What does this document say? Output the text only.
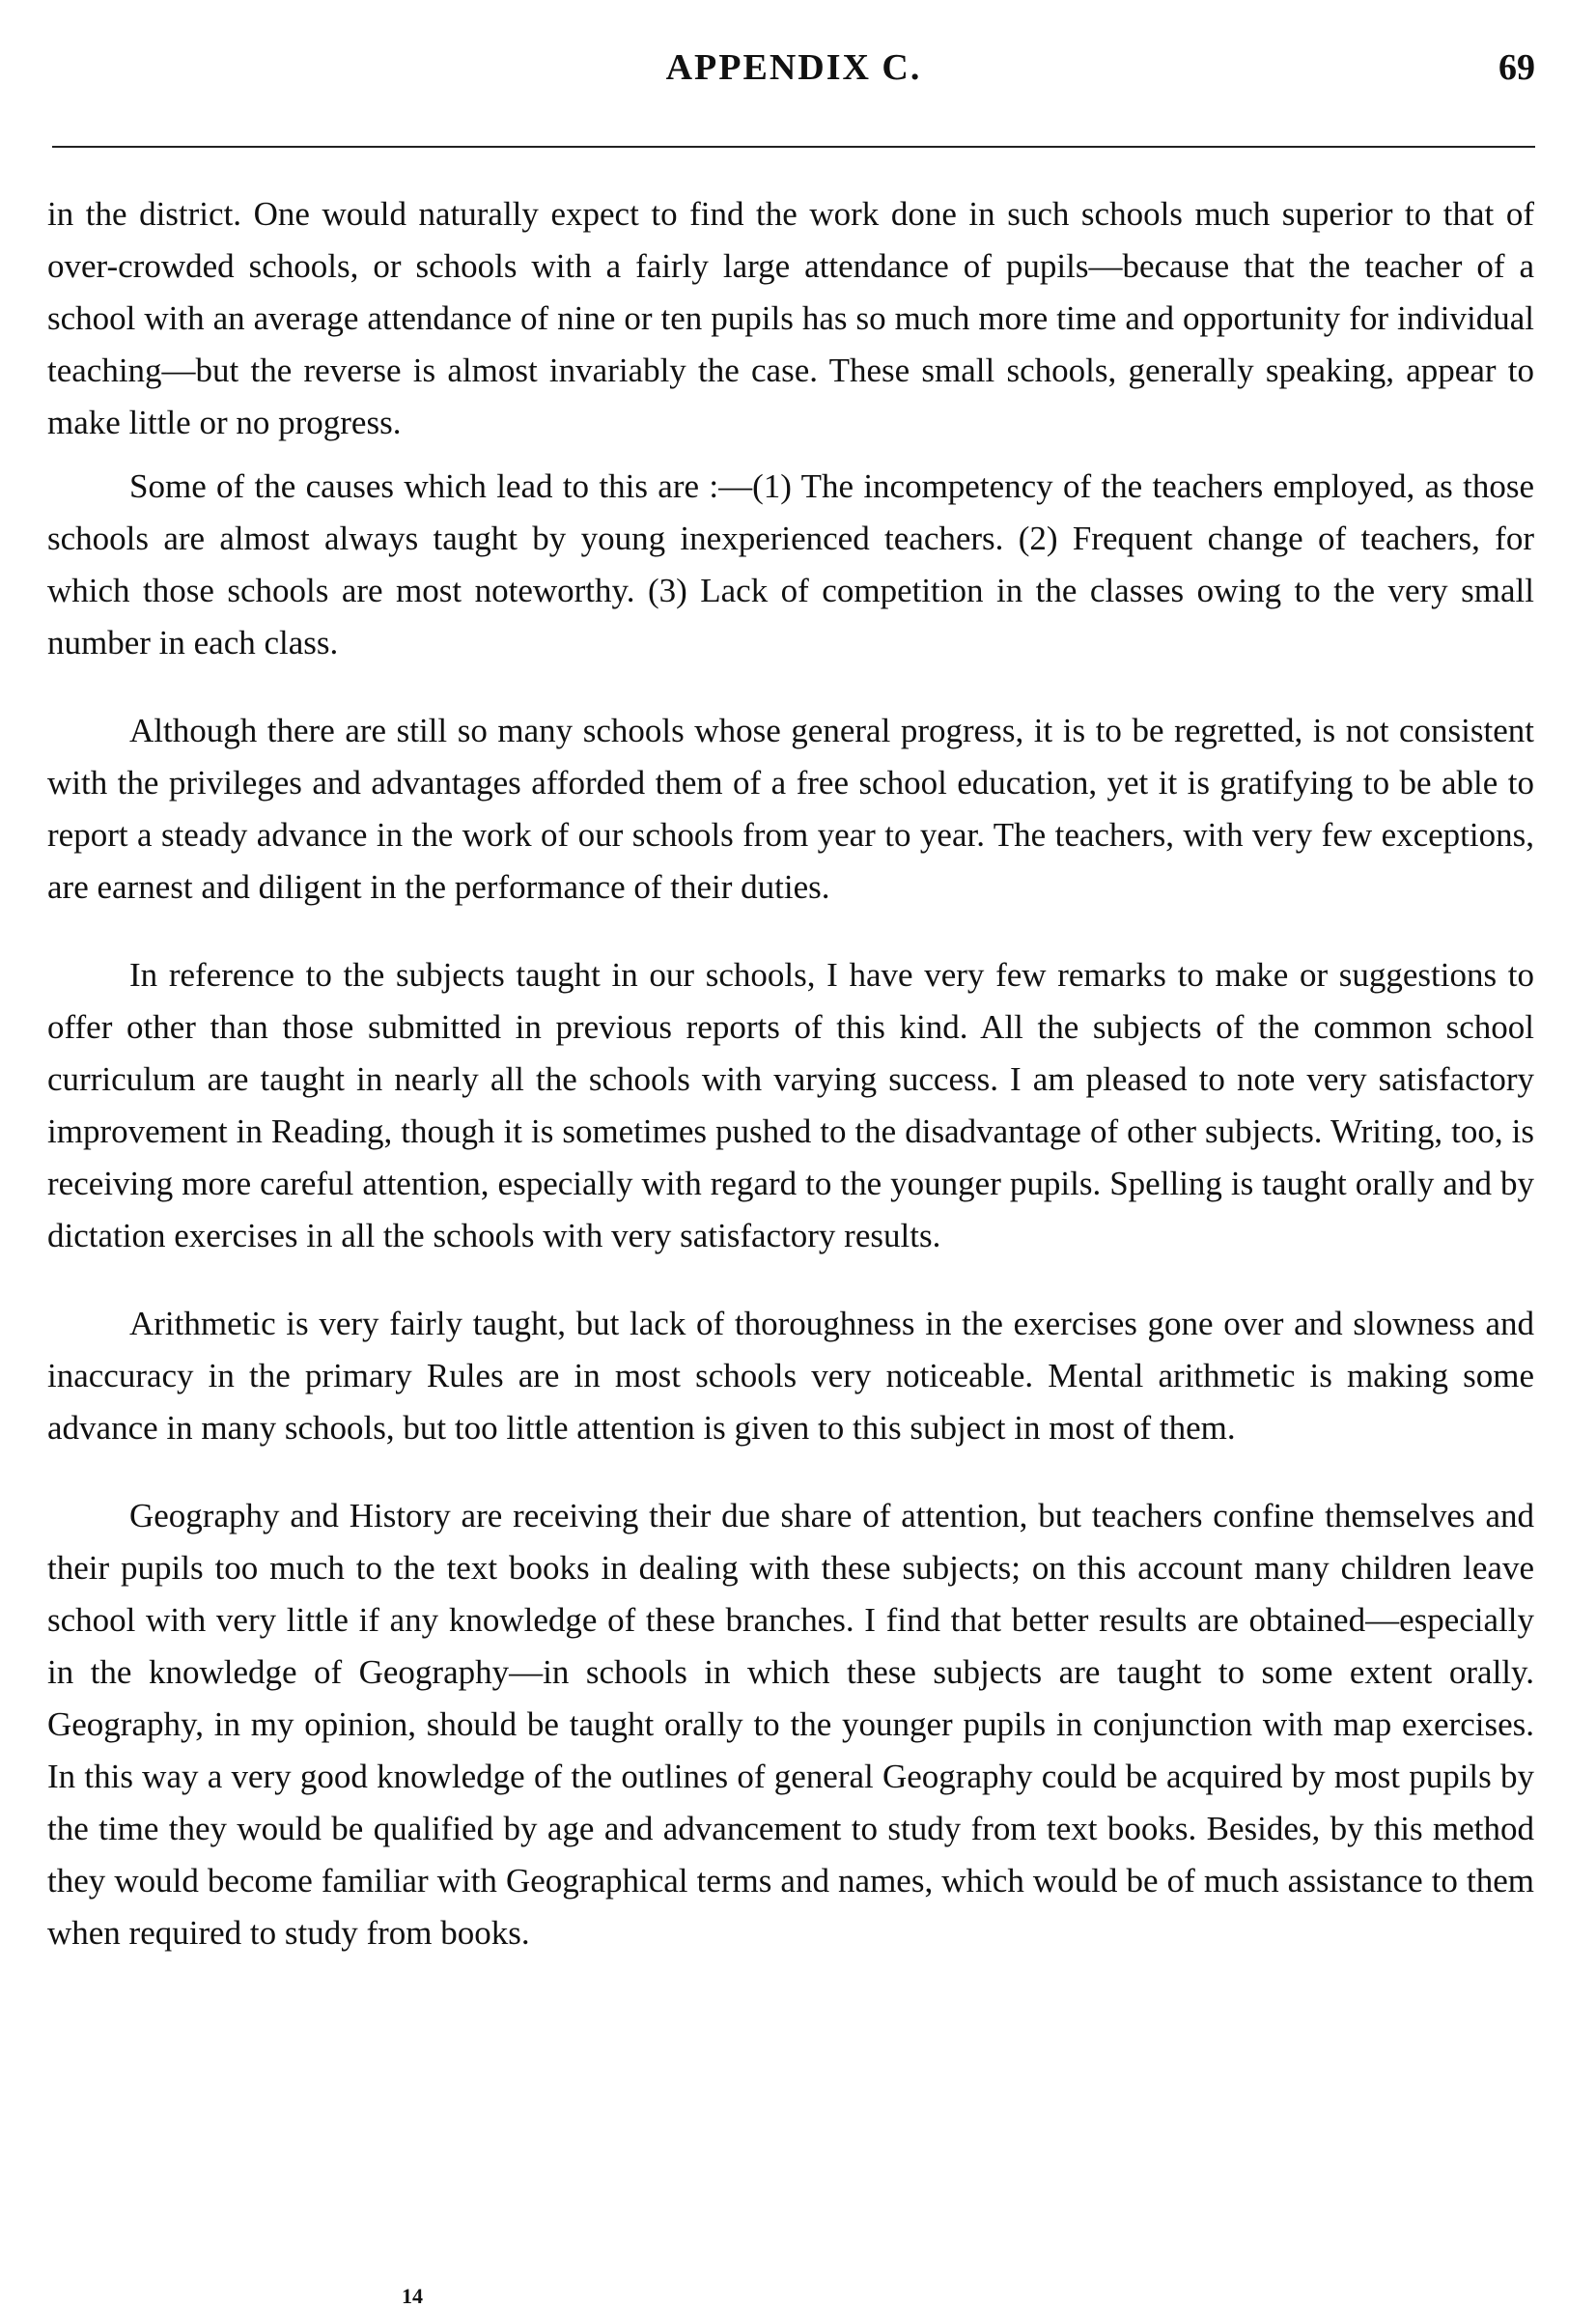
APPENDIX C.	69

in the district. One would naturally expect to find the work done in such schools much superior to that of over-crowded schools, or schools with a fairly large attendance of pupils—because that the teacher of a school with an average attendance of nine or ten pupils has so much more time and opportunity for individual teaching—but the reverse is almost invariably the case. These small schools, generally speaking, appear to make little or no progress.

Some of the causes which lead to this are :—(1) The incompetency of the teachers employed, as those schools are almost always taught by young inexperienced teachers. (2) Frequent change of teachers, for which those schools are most noteworthy. (3) Lack of competition in the classes owing to the very small number in each class.

Although there are still so many schools whose general progress, it is to be regretted, is not consistent with the privileges and advantages afforded them of a free school education, yet it is gratifying to be able to report a steady advance in the work of our schools from year to year. The teachers, with very few exceptions, are earnest and diligent in the performance of their duties.

In reference to the subjects taught in our schools, I have very few remarks to make or suggestions to offer other than those submitted in previous reports of this kind. All the subjects of the common school curriculum are taught in nearly all the schools with varying success. I am pleased to note very satisfactory improvement in Reading, though it is sometimes pushed to the disadvantage of other subjects. Writing, too, is receiving more careful attention, especially with regard to the younger pupils. Spelling is taught orally and by dictation exercises in all the schools with very satisfactory results.

Arithmetic is very fairly taught, but lack of thoroughness in the exercises gone over and slowness and inaccuracy in the primary Rules are in most schools very noticeable. Mental arithmetic is making some advance in many schools, but too little attention is given to this subject in most of them.

Geography and History are receiving their due share of attention, but teachers confine themselves and their pupils too much to the text books in dealing with these subjects; on this account many children leave school with very little if any knowledge of these branches. I find that better results are obtained—especially in the knowledge of Geography—in schools in which these subjects are taught to some extent orally. Geography, in my opinion, should be taught orally to the younger pupils in conjunction with map exercises. In this way a very good knowledge of the outlines of general Geography could be acquired by most pupils by the time they would be qualified by age and advancement to study from text books. Besides, by this method they would become familiar with Geographical terms and names, which would be of much assistance to them when required to study from books.

14
